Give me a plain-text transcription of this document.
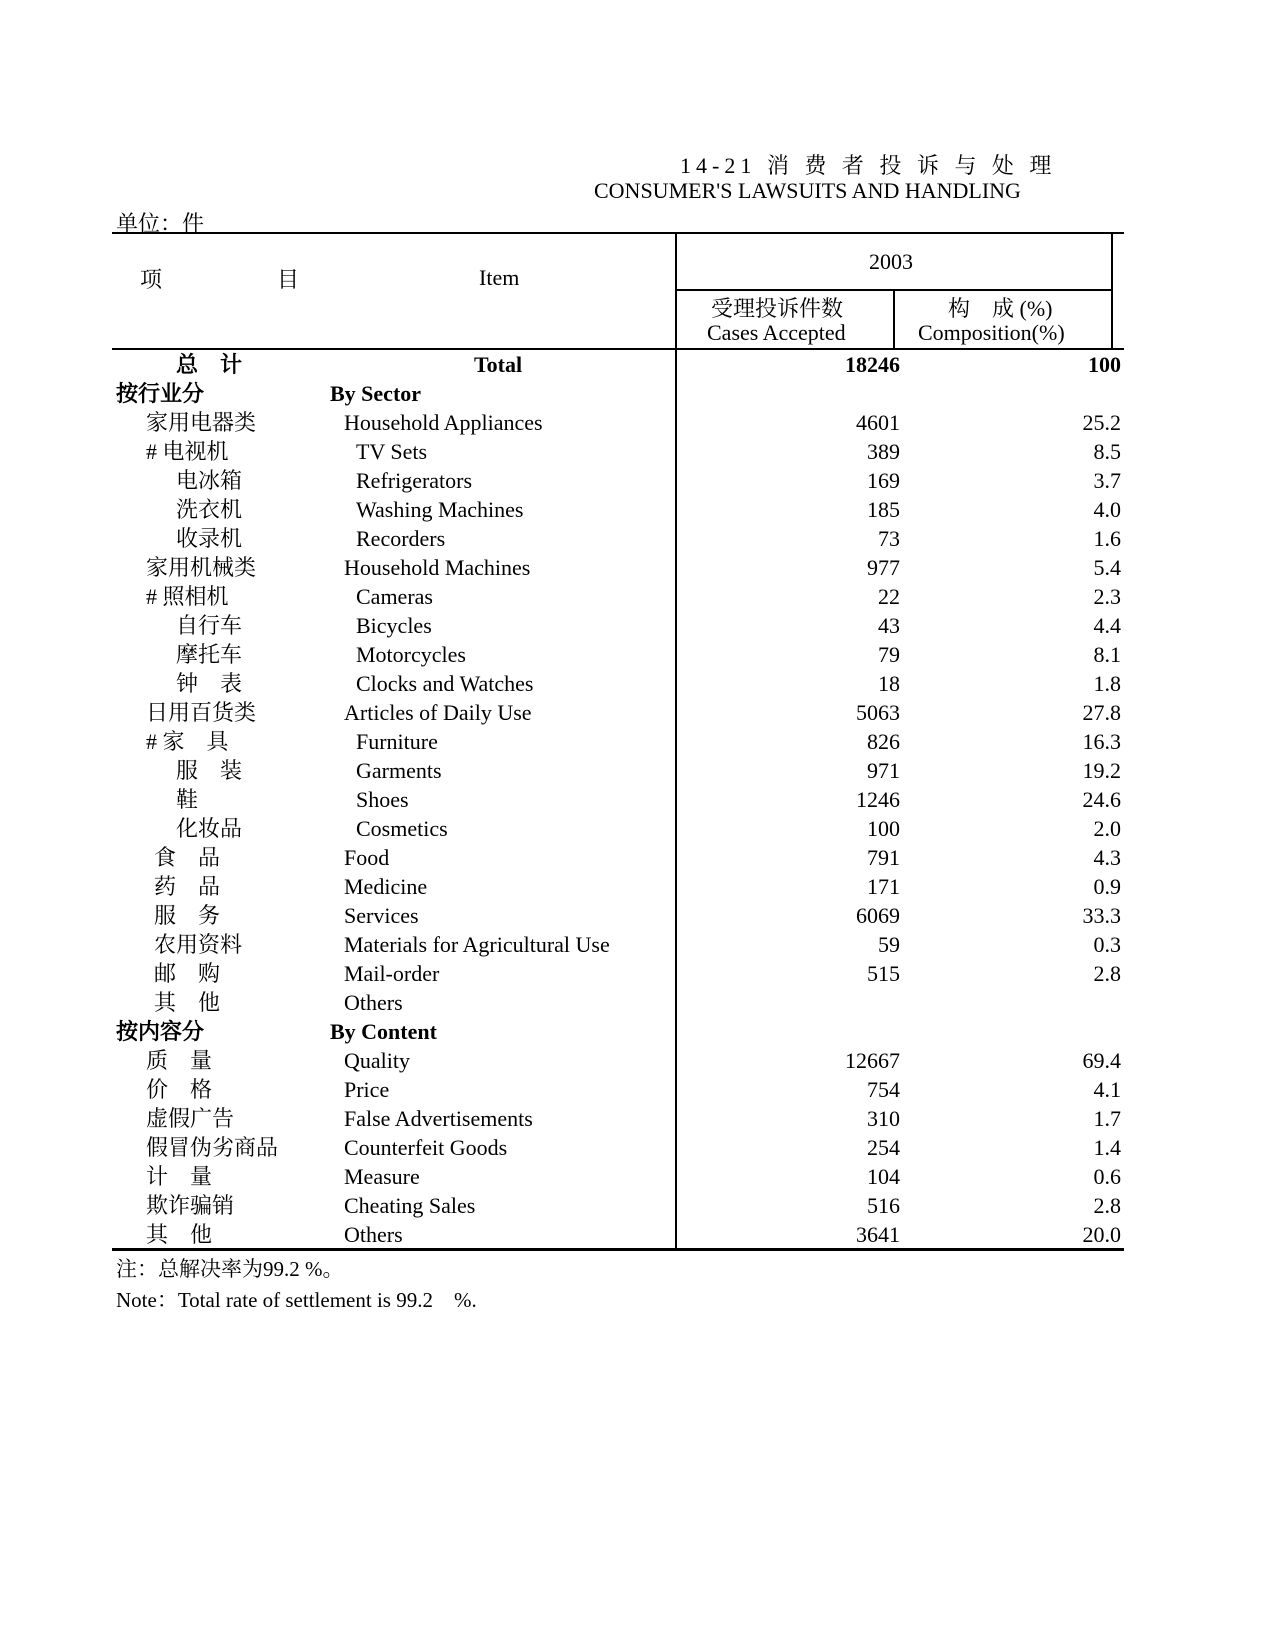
14-21 消 费 者 投 诉 与 处 理
CONSUMER'S LAWSUITS AND HANDLING
单位：件
项	目	Item
2003
受理投诉件数
Cases Accepted
构　成 (%)
Composition(%)
总　计	Total	18246	100
按行业分	By Sector
家用电器类	Household Appliances	4601	25.2
# 电视机	TV Sets	389	8.5
电冰箱	Refrigerators	169	3.7
洗衣机	Washing Machines	185	4.0
收录机	Recorders	73	1.6
家用机械类	Household Machines	977	5.4
# 照相机	Cameras	22	2.3
自行车	Bicycles	43	4.4
摩托车	Motorcycles	79	8.1
钟　表	Clocks and Watches	18	1.8
日用百货类	Articles of Daily Use	5063	27.8
# 家　具	Furniture	826	16.3
服　装	Garments	971	19.2
鞋	Shoes	1246	24.6
化妆品	Cosmetics	100	2.0
食　品	Food	791	4.3
药　品	Medicine	171	0.9
服　务	Services	6069	33.3
农用资料	Materials for Agricultural Use	59	0.3
邮　购	Mail-order	515	2.8
其　他	Others
按内容分	By Content
质　量	Quality	12667	69.4
价　格	Price	754	4.1
虚假广告	False Advertisements	310	1.7
假冒伪劣商品	Counterfeit Goods	254	1.4
计　量	Measure	104	0.6
欺诈骗销	Cheating Sales	516	2.8
其　他	Others	3641	20.0
注：总解决率为99.2 %。
Note：Total rate of settlement is 99.2　%.
